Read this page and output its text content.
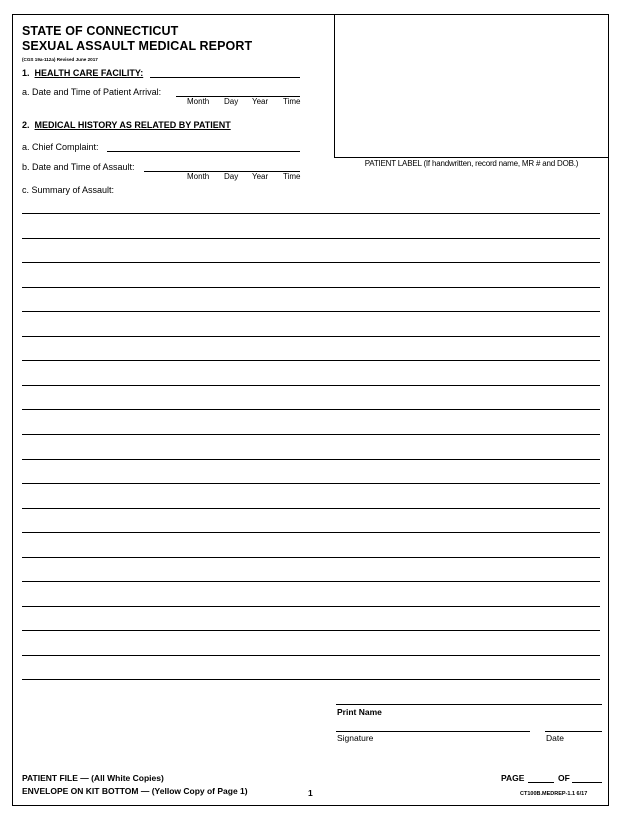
STATE OF CONNECTICUT
SEXUAL ASSAULT MEDICAL REPORT
(CGS 19a-112a) Revised June 2017
PATIENT LABEL (If handwritten, record name, MR # and DOB.)
1. HEALTH CARE FACILITY:
a. Date and Time of Patient Arrival:
Month Day Year Time
2. MEDICAL HISTORY AS RELATED BY PATIENT
a. Chief Complaint:
b. Date and Time of Assault:
Month Day Year Time
c. Summary of Assault:
Print Name
Signature	Date
PATIENT FILE — (All White Copies)
ENVELOPE ON KIT BOTTOM — (Yellow Copy of Page 1)	1
PAGE	OF
CT100B.MEDREP-1.1 6/17
